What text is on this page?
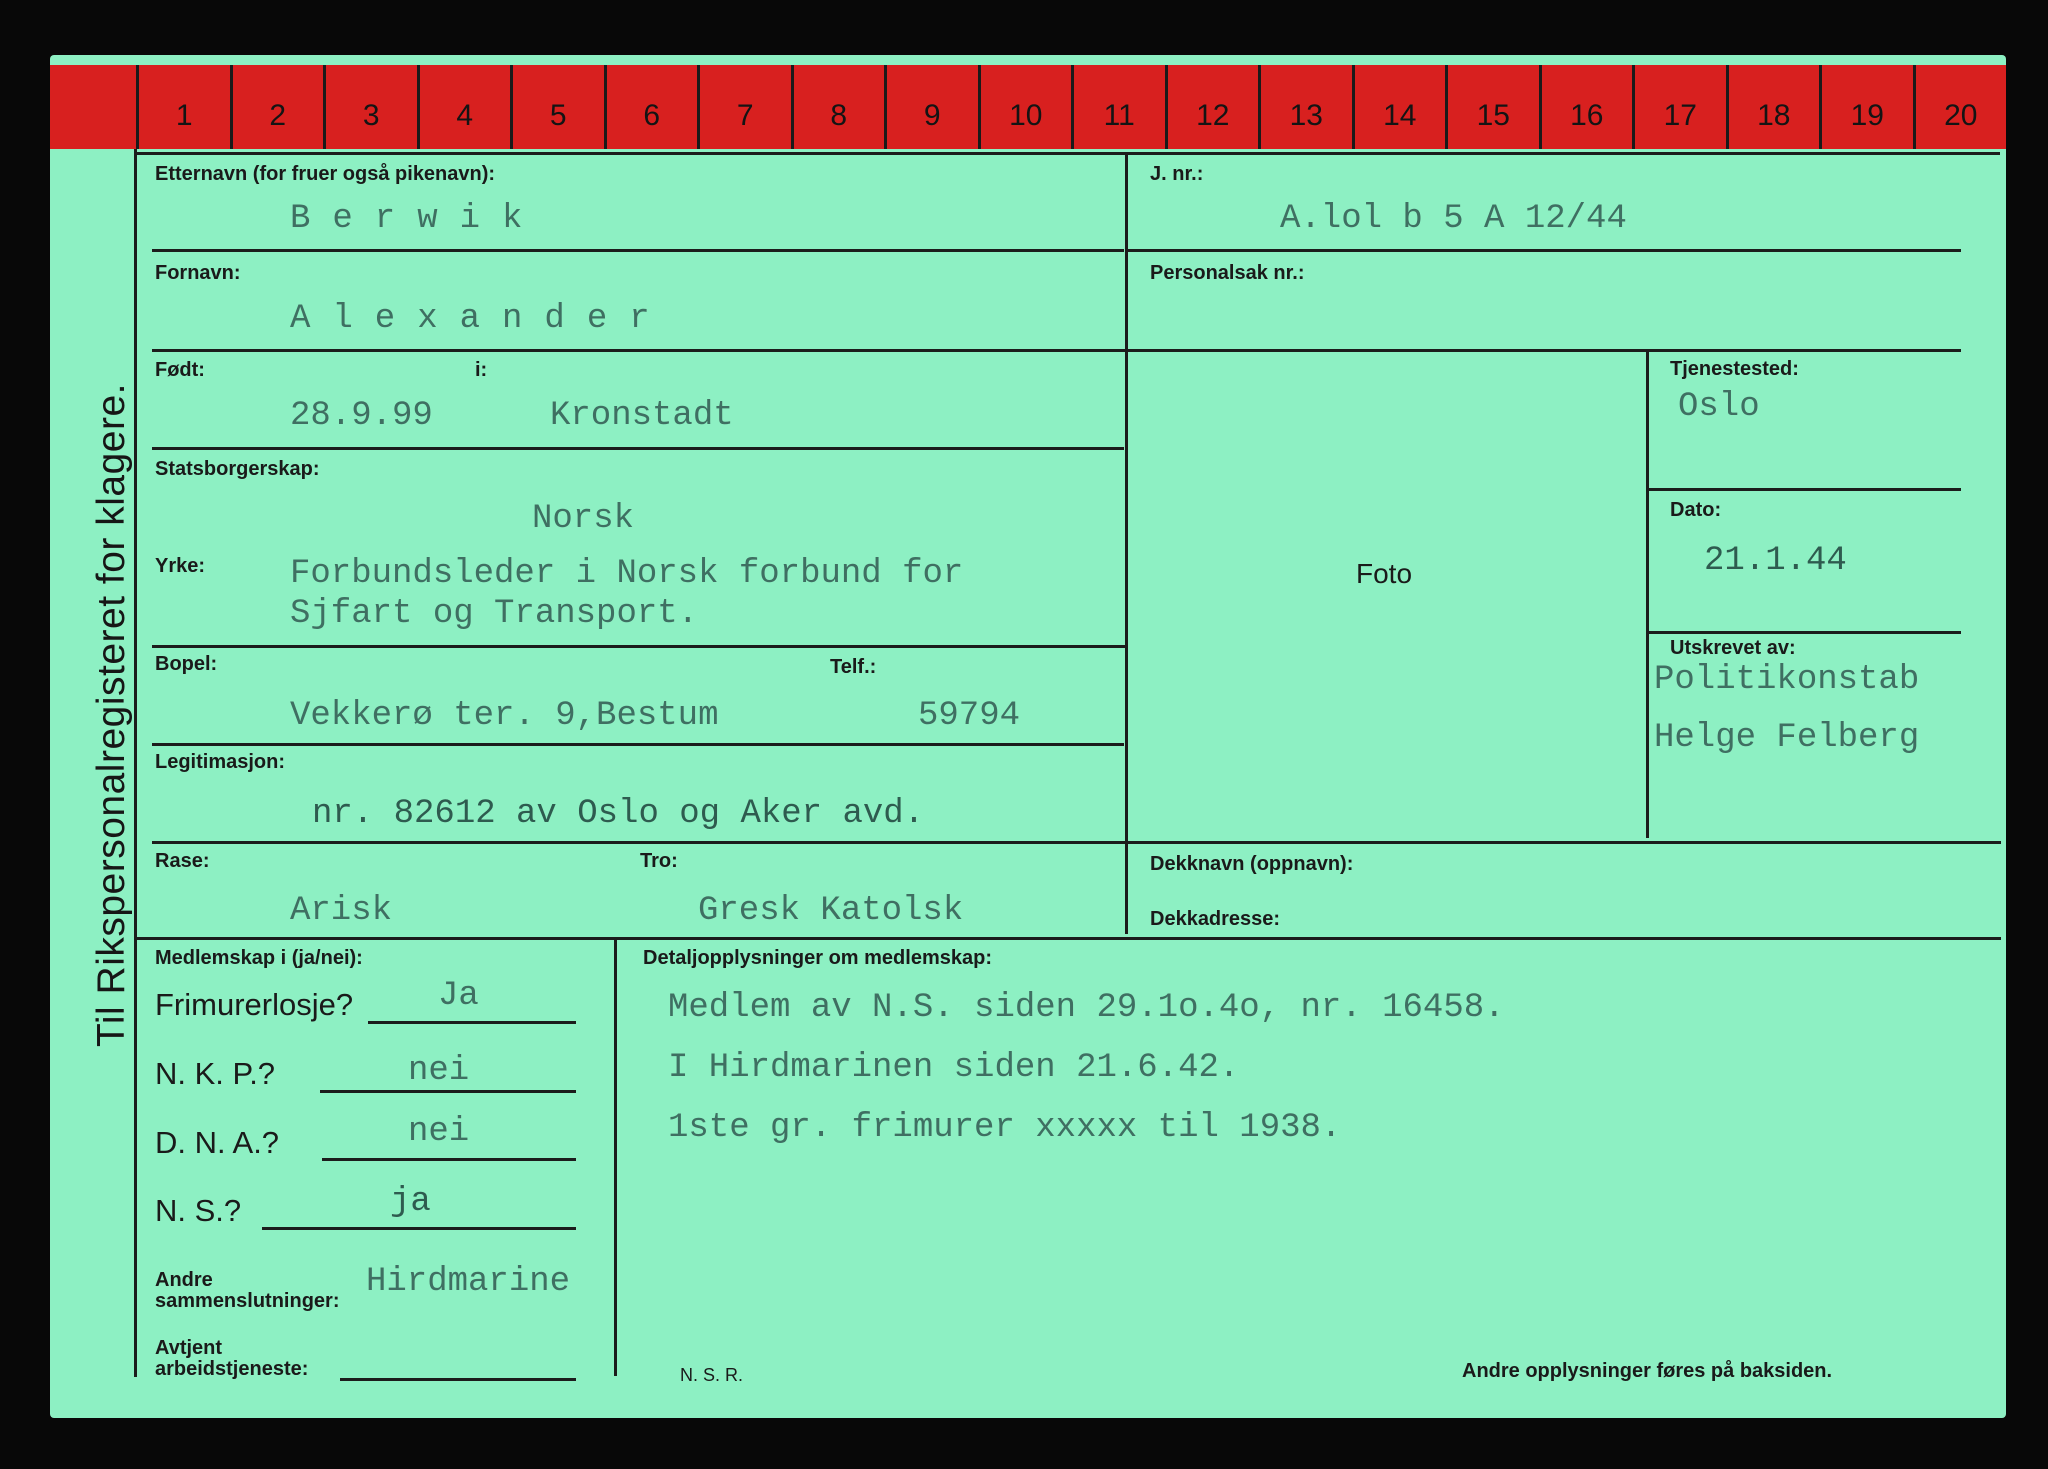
1	2	3	4	5	6	7	8	9	10	11	12	13	14	15	16	17	18	19	20
Til Rikspersonalregisteret for klagere.
Etternavn (for fruer også pikenavn):
Berwik
Fornavn:
Alexander
Født:	i:
28.9.99	Kronstadt
Statsborgerskap:
Norsk
Yrke: Forbundsleder i Norsk forbund for
Sjfart og Transport.
Bopel:	Telf.:
Vekkerø ter. 9,Bestum	59794
Legitimasjon:
nr. 82612 av Oslo og Aker avd.
Rase:	Tro:
Arisk	Gresk Katolsk
J. nr.:
A.lol b 5 A 12/44
Personalsak nr.:
Foto
Tjenestested:
Oslo
Dato:
21.1.44
Utskrevet av:
Politikonstab
Helge Felberg
Dekknavn (oppnavn):
Dekkadresse:
Medlemskap i (ja/nei):
Frimurerlosje? Ja
N. K. P.?	nei
D. N. A.?	nei
N. S.?	ja
Andre
sammenslutninger: Hirdmarine
Avtjent
arbeidstjeneste:
Detaljopplysninger om medlemskap:
Medlem av N.S. siden 29.1o.4o, nr. 16458.
I Hirdmarinen siden 21.6.42.
1ste gr. frimurer xxxxx til 1938.
N. S. R.	Andre opplysninger føres på baksiden.
